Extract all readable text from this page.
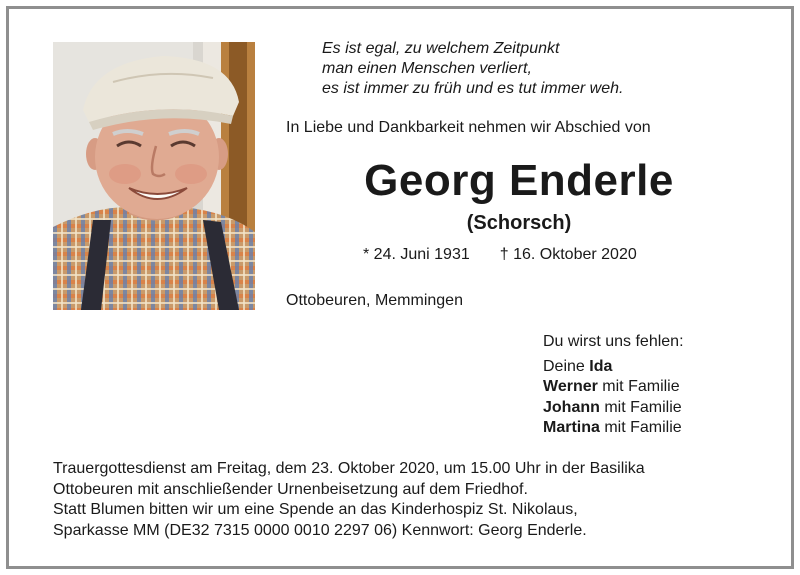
Es ist egal, zu welchem Zeitpunkt

man einen Menschen verliert,

es ist immer zu früh und es tut immer weh.

In Liebe und Dankbarkeit nehmen wir Abschied von

Georg Enderle

(Schorsch)

* 24. Juni 1931 † 16. Oktober 2020

Ottobeuren, Memmingen

Du wirst uns fehlen:

Deine Ida

Werner mit Familie

Johann mit Familie

Martina mit Familie

Trauergottesdienst am Freitag, dem 23. Oktober 2020, um 15.00 Uhr in der Basilika

Ottobeuren mit anschließender Urnenbeisetzung auf dem Friedhof.

Statt Blumen bitten wir um eine Spende an das Kinderhospiz St. Nikolaus,

Sparkasse MM (DE32 7315 0000 0010 2297 06) Kennwort: Georg Enderle.
